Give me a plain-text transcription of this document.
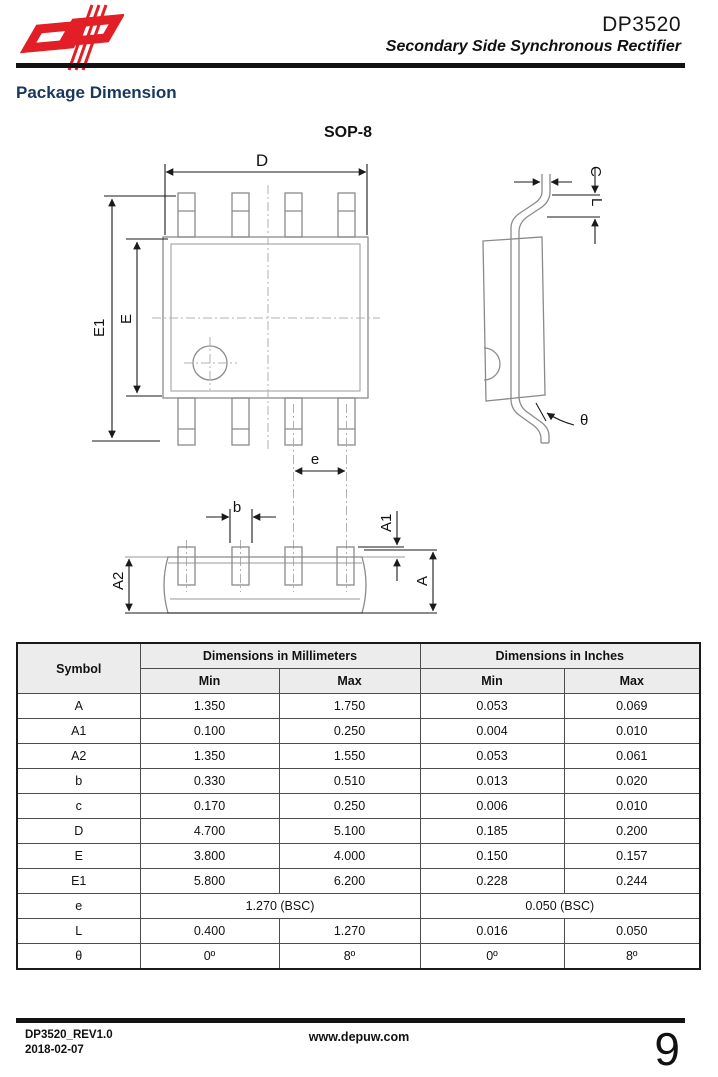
DP3520
Secondary Side Synchronous Rectifier
Package Dimension
SOP-8
D
E1 E
e
C
L
θ
b
A1
A
A2
Symbol	Dimensions in Millimeters		Dimensions in Inches	
	Min	Max	Min	Max
A	1.350	1.750	0.053	0.069
A1	0.100	0.250	0.004	0.010
A2	1.350	1.550	0.053	0.061
b	0.330	0.510	0.013	0.020
c	0.170	0.250	0.006	0.010
D	4.700	5.100	0.185	0.200
E	3.800	4.000	0.150	0.157
E1	5.800	6.200	0.228	0.244
e	1.270 (BSC)		0.050 (BSC)	
L	0.400	1.270	0.016	0.050
θ	0º	8º	0º	8º
DP3520_REV1.0
2018-02-07
www.depuw.com	9
